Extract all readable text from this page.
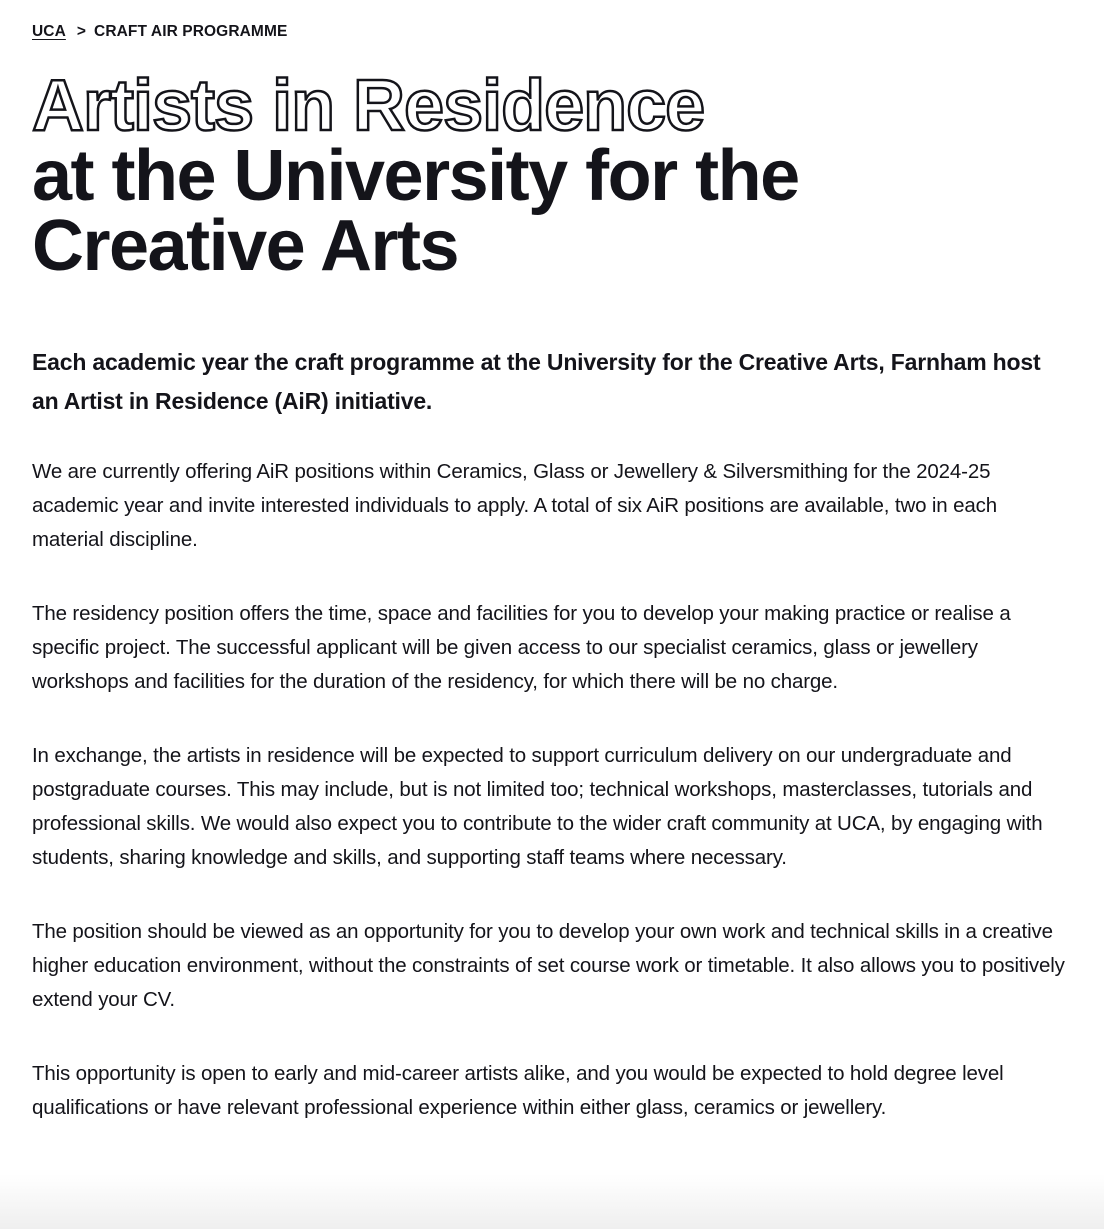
UCA > CRAFT AIR PROGRAMME
Artists in Residence
at the University for the
Creative Arts

Each academic year the craft programme at the University for the Creative Arts, Farnham host an Artist in Residence (AiR) initiative.

We are currently offering AiR positions within Ceramics, Glass or Jewellery & Silversmithing for the 2024-25 academic year and invite interested individuals to apply. A total of six AiR positions are available, two in each material discipline.

The residency position offers the time, space and facilities for you to develop your making practice or realise a specific project. The successful applicant will be given access to our specialist ceramics, glass or jewellery workshops and facilities for the duration of the residency, for which there will be no charge.

In exchange, the artists in residence will be expected to support curriculum delivery on our undergraduate and postgraduate courses. This may include, but is not limited too; technical workshops, masterclasses, tutorials and professional skills. We would also expect you to contribute to the wider craft community at UCA, by engaging with students, sharing knowledge and skills, and supporting staff teams where necessary.

The position should be viewed as an opportunity for you to develop your own work and technical skills in a creative higher education environment, without the constraints of set course work or timetable. It also allows you to positively extend your CV.

This opportunity is open to early and mid-career artists alike, and you would be expected to hold degree level qualifications or have relevant professional experience within either glass, ceramics or jewellery.
